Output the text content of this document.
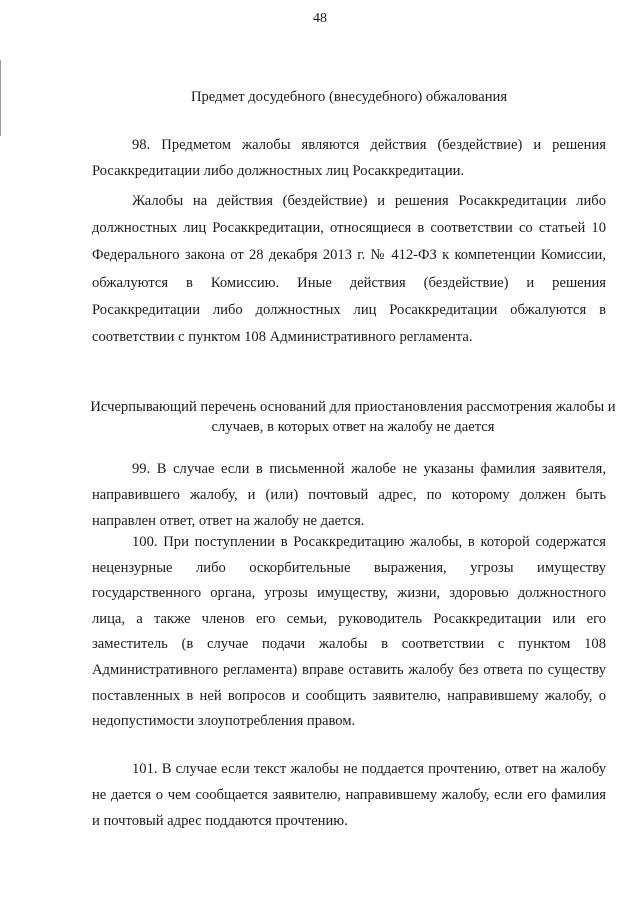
48
Предмет досудебного (внесудебного) обжалования
98. Предметом жалобы являются действия (бездействие) и решения Росаккредитации либо должностных лиц Росаккредитации.
Жалобы на действия (бездействие) и решения Росаккредитации либо должностных лиц Росаккредитации, относящиеся в соответствии со статьей 10 Федерального закона от 28 декабря 2013 г. № 412-ФЗ к компетенции Комиссии, обжалуются в Комиссию. Иные действия (бездействие) и решения Росаккредитации либо должностных лиц Росаккредитации обжалуются в соответствии с пунктом 108 Административного регламента.
Исчерпывающий перечень оснований для приостановления рассмотрения жалобы и случаев, в которых ответ на жалобу не дается
99. В случае если в письменной жалобе не указаны фамилия заявителя, направившего жалобу, и (или) почтовый адрес, по которому должен быть направлен ответ, ответ на жалобу не дается.
100. При поступлении в Росаккредитацию жалобы, в которой содержатся нецензурные либо оскорбительные выражения, угрозы имуществу государственного органа, угрозы имуществу, жизни, здоровью должностного лица, а также членов его семьи, руководитель Росаккредитации или его заместитель (в случае подачи жалобы в соответствии с пунктом 108 Административного регламента) вправе оставить жалобу без ответа по существу поставленных в ней вопросов и сообщить заявителю, направившему жалобу, о недопустимости злоупотребления правом.
101. В случае если текст жалобы не поддается прочтению, ответ на жалобу не дается о чем сообщается заявителю, направившему жалобу, если его фамилия и почтовый адрес поддаются прочтению.
